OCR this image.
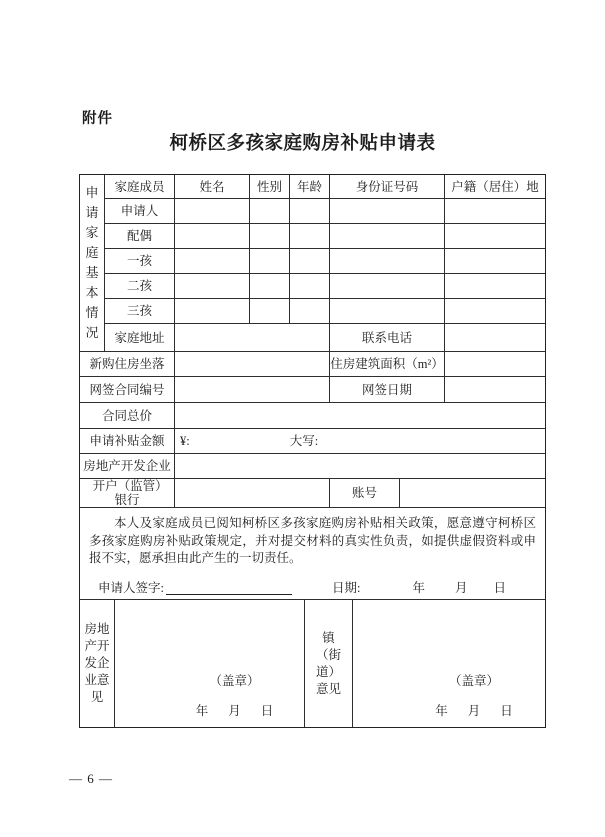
附件
柯桥区多孩家庭购房补贴申请表
申请家庭基本情况
家庭成员	姓名	性别	年龄	身份证号码	户籍（居住）地
申请人
配偶
一孩
二孩
三孩
家庭地址	联系电话
新购住房坐落	住房建筑面积（m²）
网签合同编号	网签日期
合同总价
申请补贴金额	¥:	大写:
房地产开发企业
开户（监管）银行	账号

本人及家庭成员已阅知柯桥区多孩家庭购房补贴相关政策，愿意遵守柯桥区多孩家庭购房补贴政策规定，并对提交材料的真实性负责，如提供虚假资料或申报不实，愿承担由此产生的一切责任。

申请人签字:	日期:	年 月 日
房地产开发企业意见
（盖章）
年 月 日
镇（街道）意见
（盖章）
年 月 日
— 6 —
